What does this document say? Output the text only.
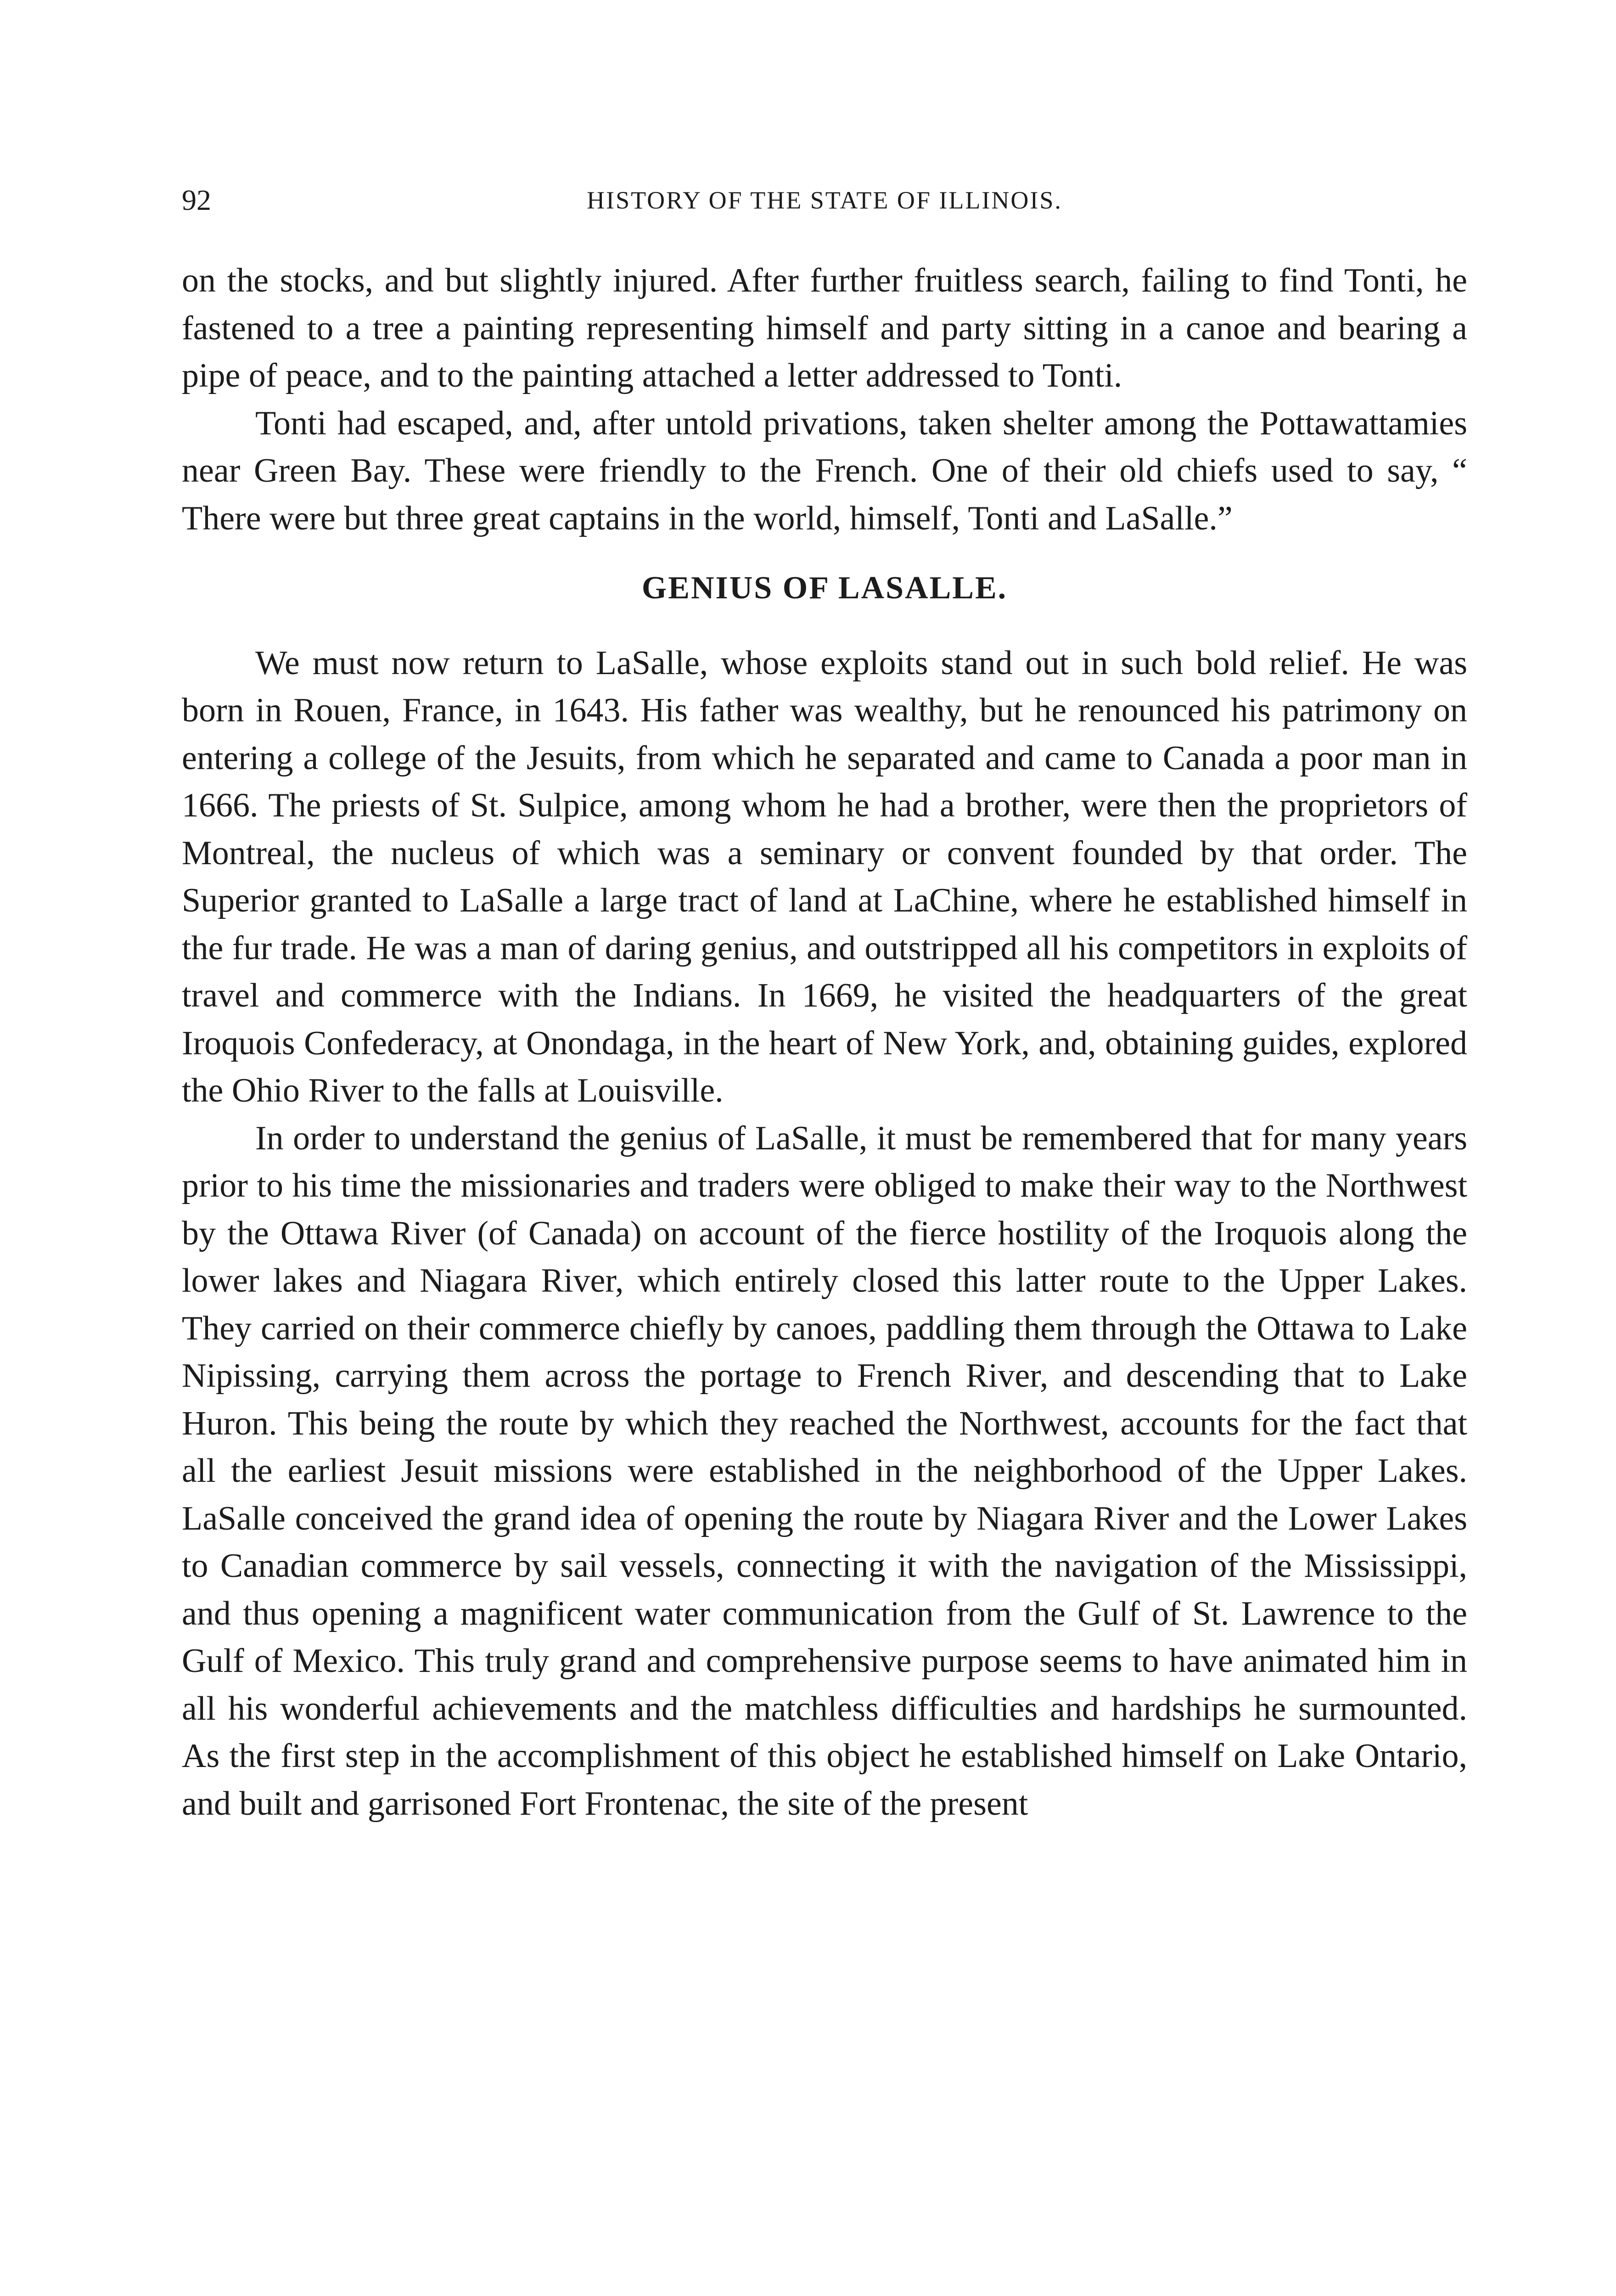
92	HISTORY OF THE STATE OF ILLINOIS.

on the stocks, and but slightly injured. After further fruitless search, failing to find Tonti, he fastened to a tree a painting representing himself and party sitting in a canoe and bearing a pipe of peace, and to the painting attached a letter addressed to Tonti.

Tonti had escaped, and, after untold privations, taken shelter among the Pottawattamies near Green Bay. These were friendly to the French. One of their old chiefs used to say, “ There were but three great captains in the world, himself, Tonti and LaSalle.”

GENIUS OF LASALLE.

We must now return to LaSalle, whose exploits stand out in such bold relief. He was born in Rouen, France, in 1643. His father was wealthy, but he renounced his patrimony on entering a college of the Jesuits, from which he separated and came to Canada a poor man in 1666. The priests of St. Sulpice, among whom he had a brother, were then the proprietors of Montreal, the nucleus of which was a seminary or convent founded by that order. The Superior granted to LaSalle a large tract of land at LaChine, where he established himself in the fur trade. He was a man of daring genius, and outstripped all his competitors in exploits of travel and commerce with the Indians. In 1669, he visited the headquarters of the great Iroquois Confederacy, at Onondaga, in the heart of New York, and, obtaining guides, explored the Ohio River to the falls at Louisville.

In order to understand the genius of LaSalle, it must be remembered that for many years prior to his time the missionaries and traders were obliged to make their way to the Northwest by the Ottawa River (of Canada) on account of the fierce hostility of the Iroquois along the lower lakes and Niagara River, which entirely closed this latter route to the Upper Lakes. They carried on their commerce chiefly by canoes, paddling them through the Ottawa to Lake Nipissing, carrying them across the portage to French River, and descending that to Lake Huron. This being the route by which they reached the Northwest, accounts for the fact that all the earliest Jesuit missions were established in the neighborhood of the Upper Lakes. LaSalle conceived the grand idea of opening the route by Niagara River and the Lower Lakes to Canadian commerce by sail vessels, connecting it with the navigation of the Mississippi, and thus opening a magnificent water communication from the Gulf of St. Lawrence to the Gulf of Mexico. This truly grand and comprehensive purpose seems to have animated him in all his wonderful achievements and the matchless difficulties and hardships he surmounted. As the first step in the accomplishment of this object he established himself on Lake Ontario, and built and garrisoned Fort Frontenac, the site of the present
